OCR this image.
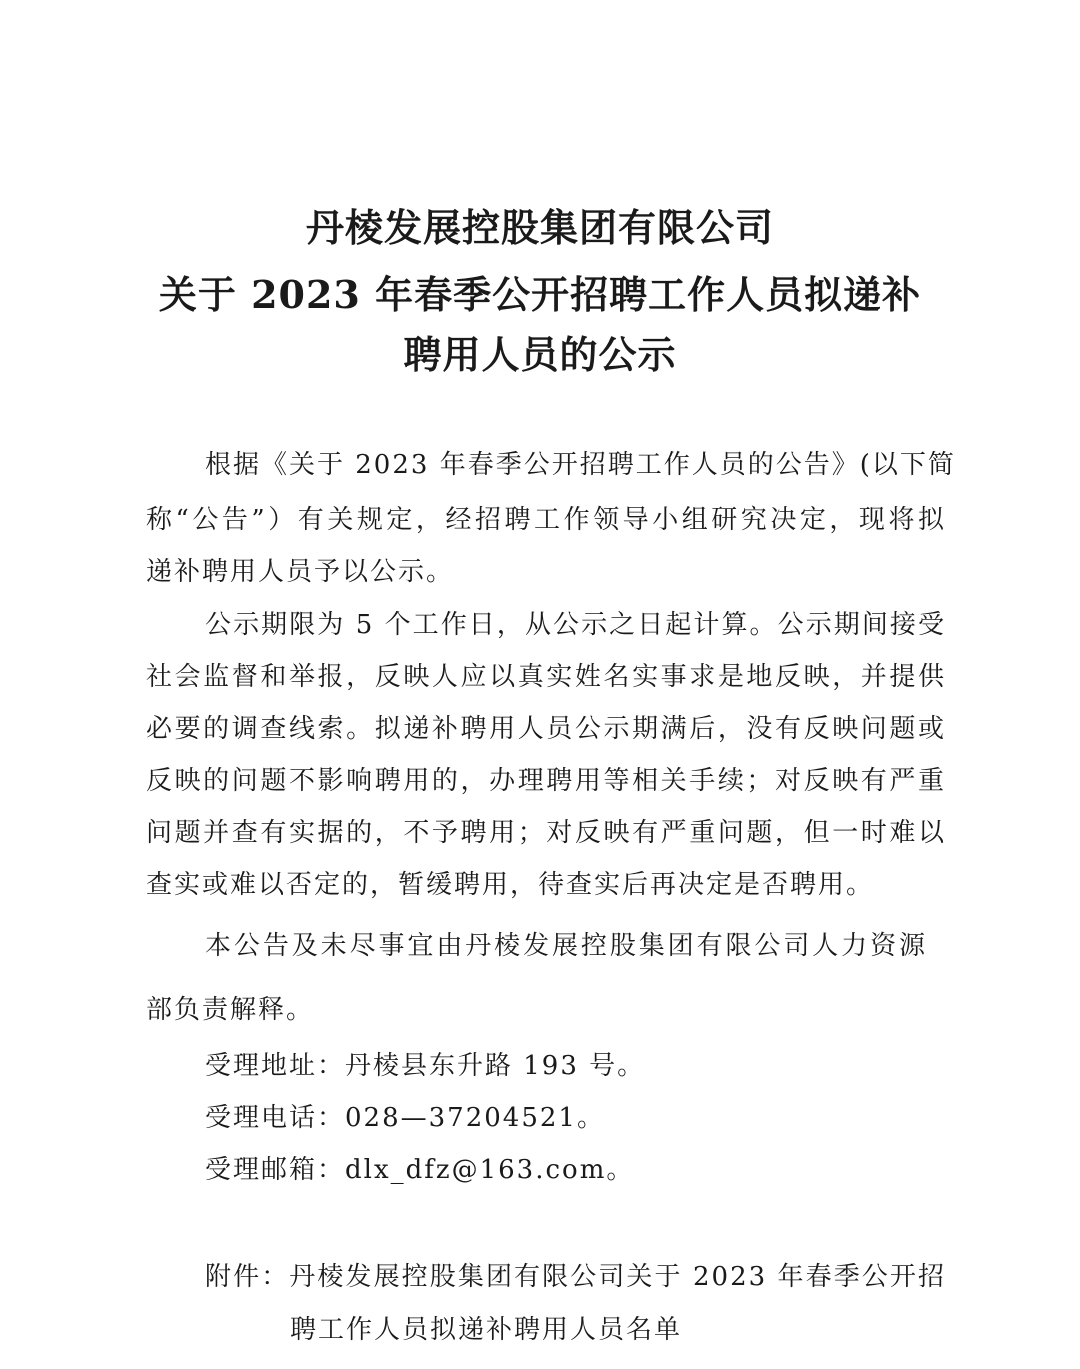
丹棱发展控股集团有限公司
关于 2023 年春季公开招聘工作人员拟递补
聘用人员的公示
根据《关于 2023 年春季公开招聘工作人员的公告》(以下简
称“公告”）有关规定，经招聘工作领导小组研究决定，现将拟
递补聘用人员予以公示。
公示期限为 5 个工作日，从公示之日起计算。公示期间接受
社会监督和举报，反映人应以真实姓名实事求是地反映，并提供
必要的调查线索。拟递补聘用人员公示期满后，没有反映问题或
反映的问题不影响聘用的，办理聘用等相关手续；对反映有严重
问题并查有实据的，不予聘用；对反映有严重问题，但一时难以
查实或难以否定的，暂缓聘用，待查实后再决定是否聘用。
本公告及未尽事宜由丹棱发展控股集团有限公司人力资源
部负责解释。
受理地址：丹棱县东升路 193 号。
受理电话：028—37204521。
受理邮箱：dlx_dfz@163.com。
附件：丹棱发展控股集团有限公司关于 2023 年春季公开招
聘工作人员拟递补聘用人员名单
